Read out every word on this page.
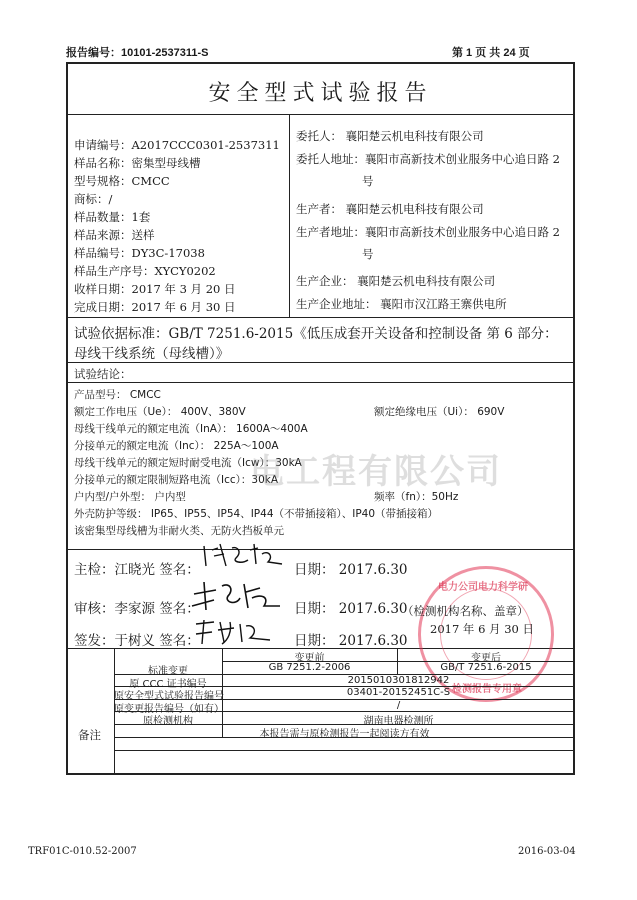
报告编号：10101-2537311-S	第 1 页 共 24 页
安全型式试验报告
申请编号：A2017CCC0301-2537311
样品名称：密集型母线槽
型号规格：CMCC
商标：/
样品数量：1套
样品来源：送样
样品编号：DY3C-17038
样品生产序号：XYCY0202
收样日期：2017 年 3 月 20 日
完成日期：2017 年 6 月 30 日
委托人： 襄阳楚云机电科技有限公司
委托人地址：襄阳市高新技术创业服务中心追日路 2
号
生产者： 襄阳楚云机电科技有限公司
生产者地址：襄阳市高新技术创业服务中心追日路 2
号
生产企业： 襄阳楚云机电科技有限公司
生产企业地址： 襄阳市汉江路王寨供电所
试验依据标准：GB/T 7251.6-2015《低压成套开关设备和控制设备 第 6 部分：
母线干线系统（母线槽）》
试验结论：
产品型号： CMCC
额定工作电压（Ue）： 400V、380V	额定绝缘电压（Ui）： 690V
母线干线单元的额定电流（InA）： 1600A～400A
分接单元的额定电流（Inc）： 225A～100A
母线干线单元的额定短时耐受电流（Icw）：30kA
分接单元的额定限制短路电流（Icc）：30kA
户内型/户外型： 户内型	频率（fn）：50Hz
外壳防护等级： IP65、IP55、IP54、IP44（不带插接箱）、IP40（带插接箱）
该密集型母线槽为非耐火类、无防火挡板单元
电工程有限公司
电力公司电力科学研
检测报告专用章
主检：江晓光 签名：	日期： 2017.6.30
审核：李家源 签名：	日期： 2017.6.30
签发：于树义 签名：	日期： 2017.6.30
（检测机构名称、盖章）
2017 年 6 月 30 日
备注
变更前	变更后
标准变更	GB 7251.2-2006	GB/T 7251.6-2015
原 CCC 证书编号	2015010301812942
原安全型式试验报告编号	03401-20152451C-S
原变更报告编号（如有）	/
原检测机构	湖南电器检测所
本报告需与原检测报告一起阅读方有效
TRF01C-010.52-2007	2016-03-04
